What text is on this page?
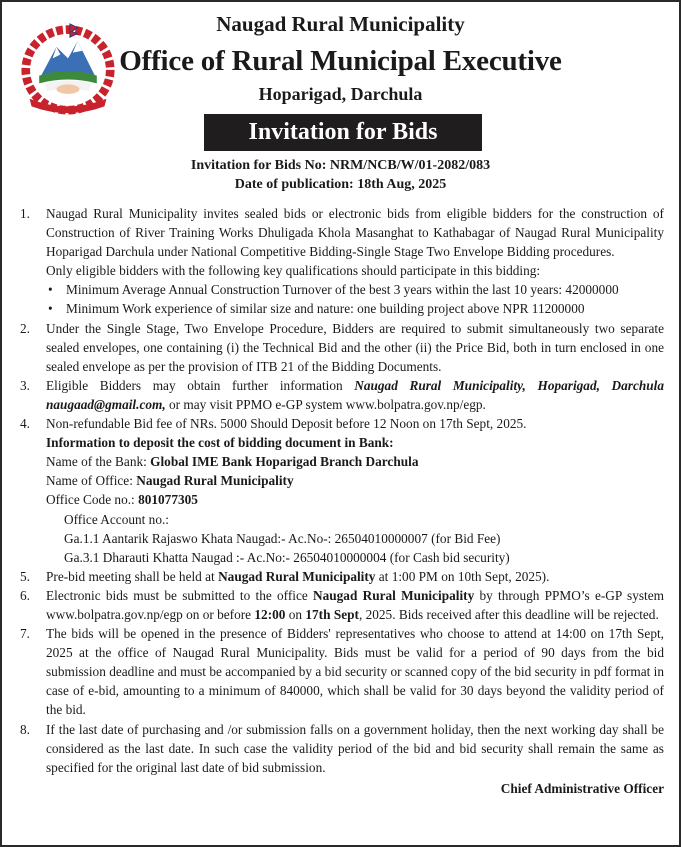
Naugad Rural Municipality
Office of Rural Municipal Executive
Hoparigad, Darchula
Invitation for Bids
Invitation for Bids No: NRM/NCB/W/01-2082/083
Date of publication: 18th Aug, 2025
1. Naugad Rural Municipality invites sealed bids or electronic bids from eligible bidders for the construction of Construction of River Training Works Dhuligada Khola Masanghat to Kathabagar of Naugad Rural Municipality Hoparigad Darchula under National Competitive Bidding-Single Stage Two Envelope Bidding procedures.

Only eligible bidders with the following key qualifications should participate in this bidding:

• Minimum Average Annual Construction Turnover of the best 3 years within the last 10 years: 42000000
• Minimum Work experience of similar size and nature: one building project above NPR 11200000
2. Under the Single Stage, Two Envelope Procedure, Bidders are required to submit simultaneously two separate sealed envelopes, one containing (i) the Technical Bid and the other (ii) the Price Bid, both in turn enclosed in one sealed envelope as per the provision of ITB 21 of the Bidding Documents.

3. Eligible Bidders may obtain further information Naugad Rural Municipality, Hoparigad, Darchula naugaad@gmail.com, or may visit PPMO e-GP system www.bolpatra.gov.np/egp.

4. Non-refundable Bid fee of NRs. 5000 Should Deposit before 12 Noon on 17th Sept, 2025.

Information to deposit the cost of bidding document in Bank:

Name of the Bank: Global IME Bank Hoparigad Branch Darchula

Name of Office: Naugad Rural Municipality

Office Code no.: 801077305

Office Account no.:

Ga.1.1 Aantarik Rajaswo Khata Naugad:- Ac.No-: 26504010000007 (for Bid Fee)

Ga.3.1 Dharauti Khatta Naugad :- Ac.No:- 26504010000004 (for Cash bid security)

5. Pre-bid meeting shall be held at Naugad Rural Municipality at 1:00 PM on 10th Sept, 2025).

6. Electronic bids must be submitted to the office Naugad Rural Municipality by through PPMO’s e-GP system www.bolpatra.gov.np/egp on or before 12:00 on 17th Sept, 2025. Bids received after this deadline will be rejected.

7. The bids will be opened in the presence of Bidders' representatives who choose to attend at 14:00 on 17th Sept, 2025 at the office of Naugad Rural Municipality. Bids must be valid for a period of 90 days from the bid submission deadline and must be accompanied by a bid security or scanned copy of the bid security in pdf format in case of e-bid, amounting to a minimum of 840000, which shall be valid for 30 days beyond the validity period of the bid.

8. If the last date of purchasing and /or submission falls on a government holiday, then the next working day shall be considered as the last date. In such case the validity period of the bid and bid security shall remain the same as specified for the original last date of bid submission.

Chief Administrative Officer
